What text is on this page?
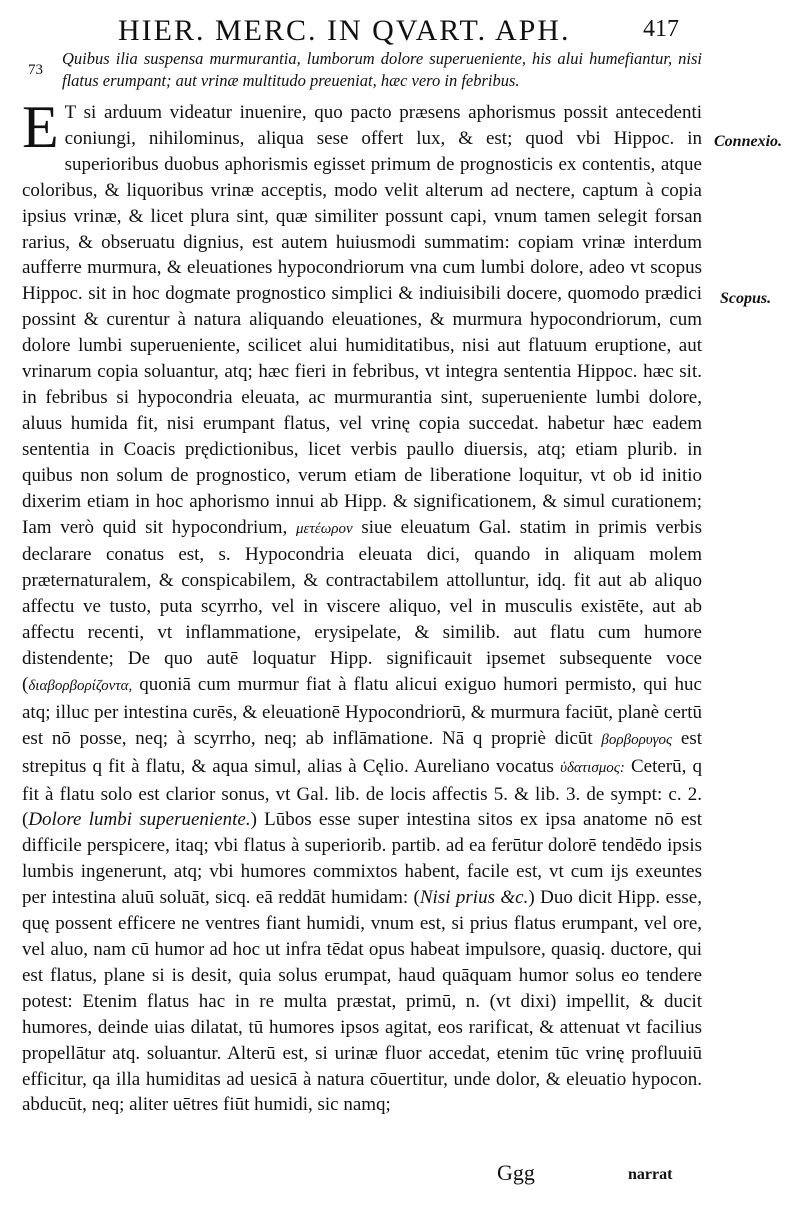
HIER. MERC. IN QVART. APH.	417
73
Quibus ilia suspensa murmurantia, lumborum dolore superueniente, his alui humefiantur, nisi flatus erumpant; aut vrinæ multitudo preueniat, hæc vero in febribus.
Connexio.
Scopus.
E T si arduum videatur inuenire, quo pacto præsens aphorismus possit antecedenti coniungi, nihilominus, aliqua sese offert lux, & est; quod vbi Hippoc. in superioribus duobus aphorismis egisset primum de prognosticis ex contentis, atque coloribus, & liquoribus vrinæ acceptis, modo velit alterum ad nectere, captum à copia ipsius vrinæ, & licet plura sint, quæ similiter possunt capi, vnum tamen selegit forsan rarius, & obseruatu dignius, est autem huiusmodi summatim: copiam vrinæ interdum aufferre murmura, & eleuationes hypocondriorum vna cum lumbi dolore, adeo vt scopus Hippoc. sit in hoc dogmate prognostico simplici & indiuisibili docere, quomodo prædici possint & curentur à natura aliquando eleuationes, & murmura hypocondriorum, cum dolore lumbi superueniente, scilicet alui humiditatibus, nisi aut flatuum eruptione, aut vrinarum copia soluantur, atq; hæc fieri in febribus, vt integra sententia Hippoc. hæc sit. in febribus si hypocondria eleuata, ac murmurantia sint, superueniente lumbi dolore, aluus humida fit, nisi erumpant flatus, vel vrinę copia succedat. habetur hæc eadem sententia in Coacis prędictionibus, licet verbis paullo diuersis, atq; etiam plurib. in quibus non solum de prognostico, verum etiam de liberatione loquitur, vt ob id initio dixerim etiam in hoc aphorismo innui ab Hipp. & significationem, & simul curationem; Iam verò quid sit hypocondrium, μετέωρον siue eleuatum Gal. statim in primis verbis declarare conatus est, s. Hypocondria eleuata dici, quando in aliquam molem præternaturalem, & conspicabilem, & contractabilem attolluntur, idq. fit aut ab aliquo affectu ve tusto, puta scyrrho, vel in viscere aliquo, vel in musculis existēte, aut ab affectu recenti, vt inflammatione, erysipelate, & similib. aut flatu cum humore distendente; De quo autē loquatur Hipp. significauit ipsemet subsequente voce (διαβορβορίζοντα, quoniā cum murmur fiat à flatu alicui exiguo humori permisto, qui huc atq; illuc per intestina curēs, & eleuationē Hypocondriorū, & murmura faciūt, planè certū est nō posse, neq; à scyrrho, neq; ab inflāmatione. Nā q propriè dicūt βορβορυγος est strepitus q fit à flatu, & aqua simul, alias à Cęlio. Aureliano vocatus ὑδατισμος: Ceterū, q fit à flatu solo est clarior sonus, vt Gal. lib. de locis affectis 5. & lib. 3. de sympt: c. 2. (Dolore lumbi superueniente.) Lūbos esse super intestina sitos ex ipsa anatome nō est difficile perspicere, itaq; vbi flatus à superiorib. partib. ad ea ferūtur dolorē tendēdo ipsis lumbis ingenerunt, atq; vbi humores commixtos habent, facile est, vt cum ijs exeuntes per intestina aluū soluāt, sicq. eā reddāt humidam: (Nisi prius &c.) Duo dicit Hipp. esse, quę possent efficere ne ventres fiant humidi, vnum est, si prius flatus erumpant, vel ore, vel aluo, nam cū humor ad hoc ut infra tēdat opus habeat impulsore, quasiq. ductore, qui est flatus, plane si is desit, quia solus erumpat, haud quāquam humor solus eo tendere potest: Etenim flatus hac in re multa præstat, primū, n. (vt dixi) impellit, & ducit humores, deinde uias dilatat, tū humores ipsos agitat, eos rarificat, & attenuat vt facilius propellātur atq. soluantur. Alterū est, si urinæ fluor accedat, etenim tūc vrinę profluuiū efficitur, qa illa humiditas ad uesicā à natura cōuertitur, unde dolor, & eleuatio hypocon. abducūt, neq; aliter uētres fiūt humidi, sic namq;
Ggg	narrat
